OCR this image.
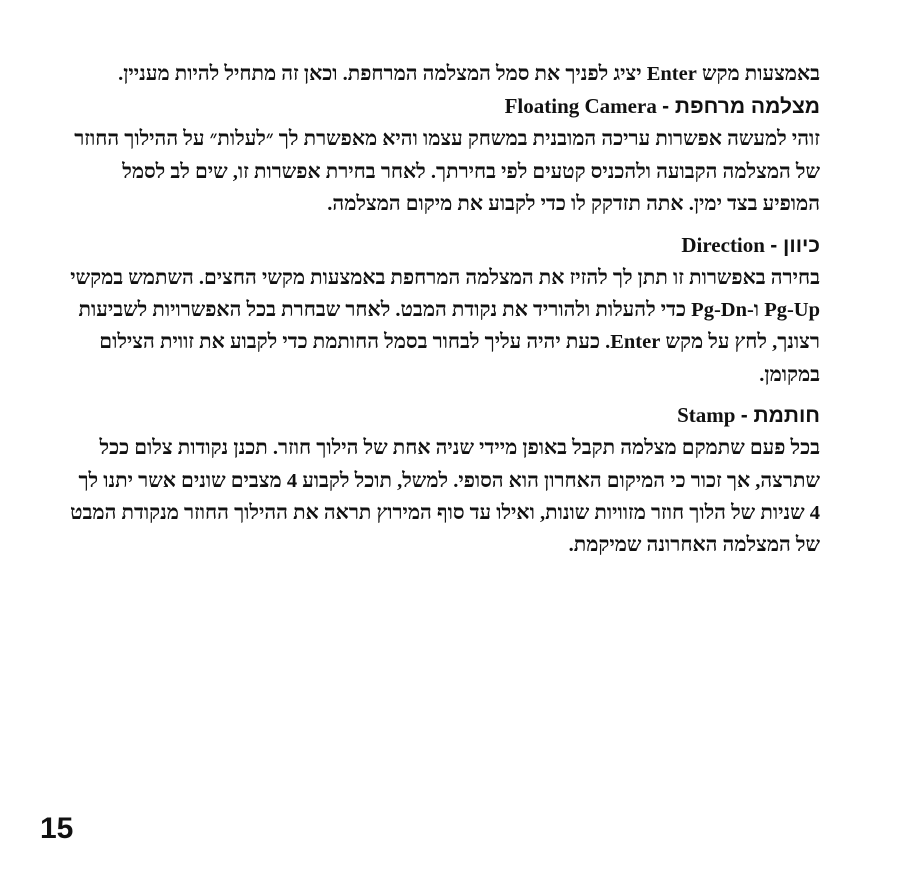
באמצעות מקש Enter יציג לפניך את סמל המצלמה המרחפת. וכאן זה מתחיל להיות מעניין.

מצלמה מרחפת - Floating Camera

זוהי למעשה אפשרות עריכה המובנית במשחק עצמו והיא מאפשרת לך ״לעלות״ על ההילוך החוזר של המצלמה הקבועה ולהכניס קטעים לפי בחירתך. לאחר בחירת אפשרות זו, שים לב לסמל המופיע בצד ימין. אתה תזדקק לו כדי לקבוע את מיקום המצלמה.

כיוון - Direction

בחירה באפשרות זו תתן לך להזיז את המצלמה המרחפת באמצעות מקשי החצים. השתמש במקשי Pg-Up ו-Pg-Dn כדי להעלות ולהוריד את נקודת המבט. לאחר שבחרת בכל האפשרויות לשביעות רצונך, לחץ על מקש Enter. כעת יהיה עליך לבחור בסמל החותמת כדי לקבוע את זווית הצילום במקומן.

חותמת - Stamp

בכל פעם שתמקם מצלמה תקבל באופן מיידי שניה אחת של הילוך חוזר. תכנן נקודות צלום ככל שתרצה, אך זכור כי המיקום האחרון הוא הסופי. למשל, תוכל לקבוע 4 מצבים שונים אשר יתנו לך 4 שניות של הלוך חוזר מזוויות שונות, ואילו עד סוף המירוץ תראה את ההילוך החוזר מנקודת המבט של המצלמה האחרונה שמיקמת.

15
